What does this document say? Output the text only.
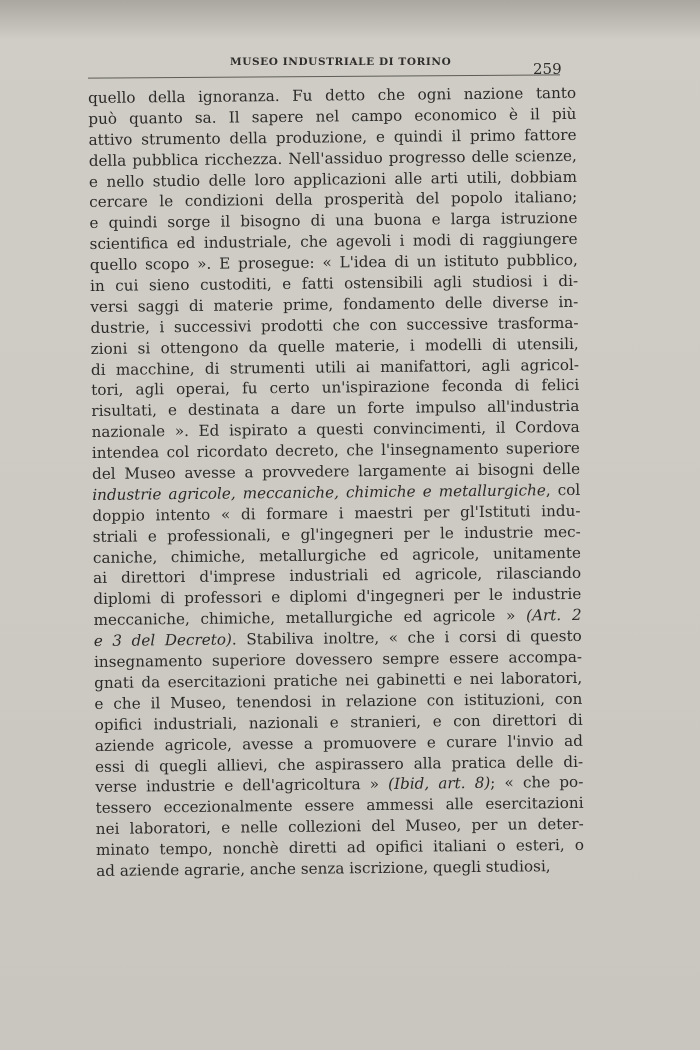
MUSEO INDUSTRIALE DI TORINO	259
quello della ignoranza. Fu detto che ogni nazione tanto
può quanto sa. Il sapere nel campo economico è il più
attivo strumento della produzione, e quindi il primo fattore
della pubblica ricchezza. Nell'assiduo progresso delle scienze,
e nello studio delle loro applicazioni alle arti utili, dobbiam
cercare le condizioni della prosperità del popolo italiano;
e quindi sorge il bisogno di una buona e larga istruzione
scientifica ed industriale, che agevoli i modi di raggiungere
quello scopo ». E prosegue: « L'idea di un istituto pubblico,
in cui sieno custoditi, e fatti ostensibili agli studiosi i di-
versi saggi di materie prime, fondamento delle diverse in-
dustrie, i successivi prodotti che con successive trasforma-
zioni si ottengono da quelle materie, i modelli di utensili,
di macchine, di strumenti utili ai manifattori, agli agricol-
tori, agli operai, fu certo un'ispirazione feconda di felici
risultati, e destinata a dare un forte impulso all'industria
nazionale ». Ed ispirato a questi convincimenti, il Cordova
intendea col ricordato decreto, che l'insegnamento superiore
del Museo avesse a provvedere largamente ai bisogni delle
industrie agricole, meccaniche, chimiche e metallurgiche, col
doppio intento « di formare i maestri per gl'Istituti indu-
striali e professionali, e gl'ingegneri per le industrie mec-
caniche, chimiche, metallurgiche ed agricole, unitamente
ai direttori d'imprese industriali ed agricole, rilasciando
diplomi di professori e diplomi d'ingegneri per le industrie
meccaniche, chimiche, metallurgiche ed agricole » (Art. 2
e 3 del Decreto). Stabiliva inoltre, « che i corsi di questo
insegnamento superiore dovessero sempre essere accompa-
gnati da esercitazioni pratiche nei gabinetti e nei laboratori,
e che il Museo, tenendosi in relazione con istituzioni, con
opifici industriali, nazionali e stranieri, e con direttori di
aziende agricole, avesse a promuovere e curare l'invio ad
essi di quegli allievi, che aspirassero alla pratica delle di-
verse industrie e dell'agricoltura » (Ibid, art. 8); « che po-
tessero eccezionalmente essere ammessi alle esercitazioni
nei laboratori, e nelle collezioni del Museo, per un deter-
minato tempo, nonchè diretti ad opifici italiani o esteri, o
ad aziende agrarie, anche senza iscrizione, quegli studiosi,
